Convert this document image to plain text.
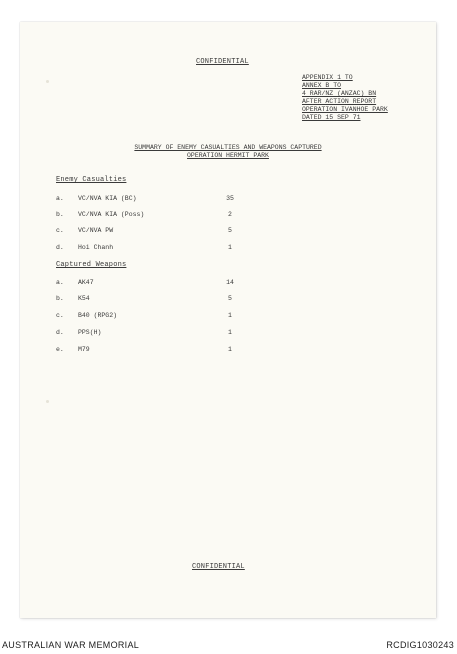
CONFIDENTIAL
APPENDIX 1 TO
ANNEX B TO
4 RAR/NZ (ANZAC) BN
AFTER ACTION REPORT
OPERATION IVANHOE PARK
DATED 15 SEP 71
SUMMARY OF ENEMY CASUALTIES AND WEAPONS CAPTURED
OPERATION HERMIT PARK
Enemy Casualties
a. VC/NVA KIA (BC)	35
b. VC/NVA KIA (Poss)	2
c. VC/NVA PW	5
d. Hoi Chanh	1
Captured Weapons
a. AK47	14
b. K54	5
c. B40 (RPG2)	1
d. PPS(H)	1
e. M79	1
CONFIDENTIAL
AUSTRALIAN WAR MEMORIAL	RCDIG1030243
